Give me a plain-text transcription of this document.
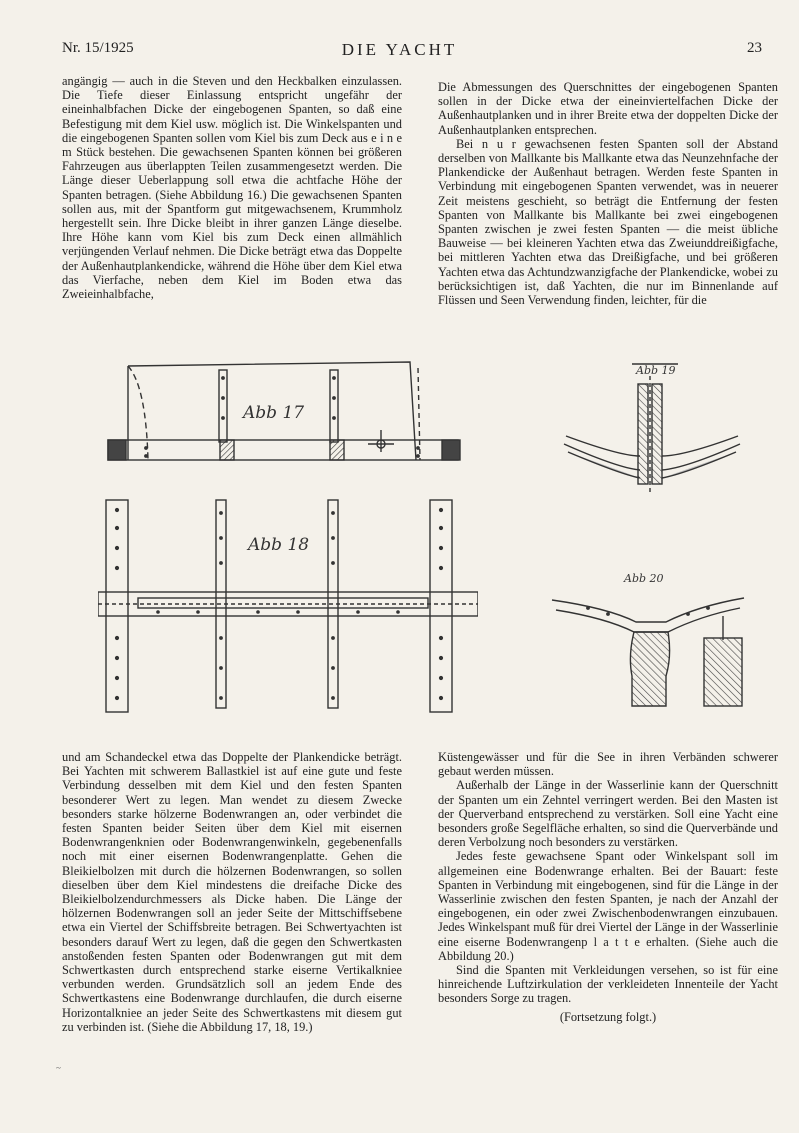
Nr. 15/1925	DIE YACHT	23

angängig — auch in die Steven und den Heckbalken einzulassen. Die Tiefe dieser Einlassung entspricht ungefähr der eineinhalbfachen Dicke der eingebogenen Spanten, so daß eine Befestigung mit dem Kiel usw. möglich ist. Die Winkelspanten und die eingebogenen Spanten sollen vom Kiel bis zum Deck aus e i n e m Stück bestehen. Die gewachsenen Spanten können bei größeren Fahrzeugen aus überlappten Teilen zusammengesetzt werden. Die Länge dieser Ueberlappung soll etwa die achtfache Höhe der Spanten betragen. (Siehe Abbildung 16.) Die gewachsenen Spanten sollen aus, mit der Spantform gut mitgewachsenem, Krummholz hergestellt sein. Ihre Dicke bleibt in ihrer ganzen Länge dieselbe. Ihre Höhe kann vom Kiel bis zum Deck einen allmählich verjüngenden Verlauf nehmen. Die Dicke beträgt etwa das Doppelte der Außenhautplankendicke, während die Höhe über dem Kiel etwa das Vierfache, neben dem Kiel im Boden etwa das Zweieinhalbfache,

Die Abmessungen des Querschnittes der eingebogenen Spanten sollen in der Dicke etwa der eineinviertelfachen Dicke der Außenhautplanken und in ihrer Breite etwa der doppelten Dicke der Außenhautplanken entsprechen.

Bei n u r gewachsenen festen Spanten soll der Abstand derselben von Mallkante bis Mallkante etwa das Neunzehnfache der Plankendicke der Außenhaut betragen. Werden feste Spanten in Verbindung mit eingebogenen Spanten verwendet, was in neuerer Zeit meistens geschieht, so beträgt die Entfernung der festen Spanten von Mallkante bis Mallkante bei zwei eingebogenen Spanten zwischen je zwei festen Spanten — die meist übliche Bauweise — bei kleineren Yachten etwa das Zweiunddreißigfache, bei mittleren Yachten etwa das Dreißigfache, und bei größeren Yachten etwa das Achtundzwanzigfache der Plankendicke, wobei zu berücksichtigen ist, daß Yachten, die nur im Binnenlande auf Flüssen und Seen Verwendung finden, leichter, für die

Abb 17
Abb 18
Abb 19
Abb 20

und am Schandeckel etwa das Doppelte der Plankendicke beträgt. Bei Yachten mit schwerem Ballastkiel ist auf eine gute und feste Verbindung desselben mit dem Kiel und den festen Spanten besonderer Wert zu legen. Man wendet zu diesem Zwecke besonders starke hölzerne Bodenwrangen an, oder verbindet die festen Spanten beider Seiten über dem Kiel mit eisernen Bodenwrangenknien oder Bodenwrangenwinkeln, gegebenenfalls noch mit einer eisernen Bodenwrangenplatte. Gehen die Bleikielbolzen mit durch die hölzernen Bodenwrangen, so sollen dieselben über dem Kiel mindestens die dreifache Dicke des Bleikielbolzendurchmessers als Dicke haben. Die Länge der hölzernen Bodenwrangen soll an jeder Seite der Mittschiffsebene etwa ein Viertel der Schiffsbreite betragen. Bei Schwertyachten ist besonders darauf Wert zu legen, daß die gegen den Schwertkasten anstoßenden festen Spanten oder Bodenwrangen gut mit dem Schwertkasten durch entsprechend starke eiserne Vertikalkniee verbunden werden. Grundsätzlich soll an jedem Ende des Schwertkastens eine Bodenwrange durchlaufen, die durch eiserne Horizontalkniee an jeder Seite des Schwertkastens mit diesem gut zu verbinden ist. (Siehe die Abbildung 17, 18, 19.)

Küstengewässer und für die See in ihren Verbänden schwerer gebaut werden müssen.

Außerhalb der Länge in der Wasserlinie kann der Querschnitt der Spanten um ein Zehntel verringert werden. Bei den Masten ist der Querverband entsprechend zu verstärken. Soll eine Yacht eine besonders große Segelfläche erhalten, so sind die Querverbände und deren Verbolzung noch besonders zu verstärken.

Jedes feste gewachsene Spant oder Winkelspant soll im allgemeinen eine Bodenwrange erhalten. Bei der Bauart: feste Spanten in Verbindung mit eingebogenen, sind für die Länge in der Wasserlinie zwischen den festen Spanten, je nach der Anzahl der eingebogenen, ein oder zwei Zwischenbodenwrangen einzubauen. Jedes Winkelspant muß für drei Viertel der Länge in der Wasserlinie eine eiserne Bodenwrangenp l a t t e erhalten. (Siehe auch die Abbildung 20.)

Sind die Spanten mit Verkleidungen versehen, so ist für eine hinreichende Luftzirkulation der verkleideten Innenteile der Yacht besonders Sorge zu tragen.

(Fortsetzung folgt.)

~
